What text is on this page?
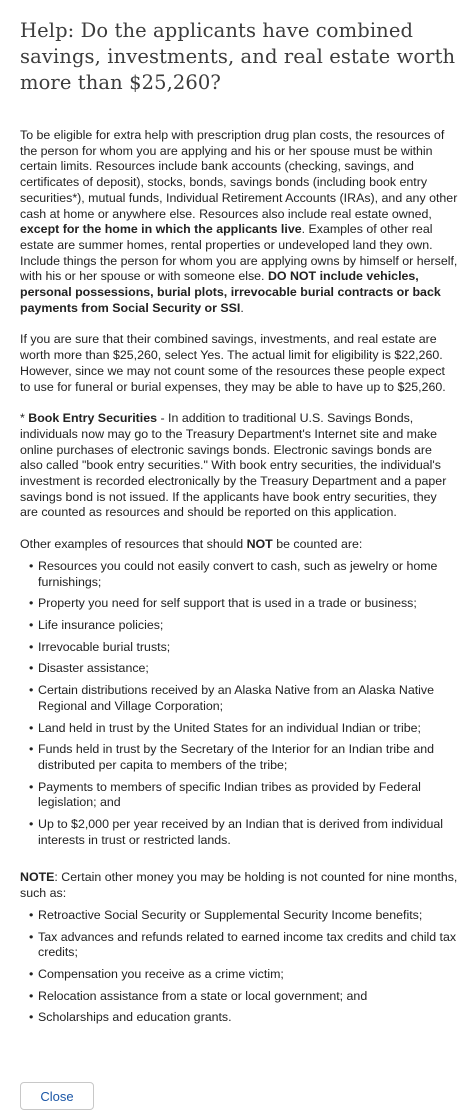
Help: Do the applicants have combined savings, investments, and real estate worth more than $25,260?

To be eligible for extra help with prescription drug plan costs, the resources of the person for whom you are applying and his or her spouse must be within certain limits. Resources include bank accounts (checking, savings, and certificates of deposit), stocks, bonds, savings bonds (including book entry securities*), mutual funds, Individual Retirement Accounts (IRAs), and any other cash at home or anywhere else. Resources also include real estate owned, except for the home in which the applicants live. Examples of other real estate are summer homes, rental properties or undeveloped land they own. Include things the person for whom you are applying owns by himself or herself, with his or her spouse or with someone else. DO NOT include vehicles, personal possessions, burial plots, irrevocable burial contracts or back payments from Social Security or SSI.

If you are sure that their combined savings, investments, and real estate are worth more than $25,260, select Yes. The actual limit for eligibility is $22,260. However, since we may not count some of the resources these people expect to use for funeral or burial expenses, they may be able to have up to $25,260.

* Book Entry Securities - In addition to traditional U.S. Savings Bonds, individuals now may go to the Treasury Department's Internet site and make online purchases of electronic savings bonds. Electronic savings bonds are also called "book entry securities." With book entry securities, the individual's investment is recorded electronically by the Treasury Department and a paper savings bond is not issued. If the applicants have book entry securities, they are counted as resources and should be reported on this application.

Other examples of resources that should NOT be counted are:

• Resources you could not easily convert to cash, such as jewelry or home furnishings;
• Property you need for self support that is used in a trade or business;
• Life insurance policies;
• Irrevocable burial trusts;
• Disaster assistance;
• Certain distributions received by an Alaska Native from an Alaska Native Regional and Village Corporation;
• Land held in trust by the United States for an individual Indian or tribe;
• Funds held in trust by the Secretary of the Interior for an Indian tribe and distributed per capita to members of the tribe;
• Payments to members of specific Indian tribes as provided by Federal legislation; and
• Up to $2,000 per year received by an Indian that is derived from individual interests in trust or restricted lands.

NOTE: Certain other money you may be holding is not counted for nine months, such as:

• Retroactive Social Security or Supplemental Security Income benefits;
• Tax advances and refunds related to earned income tax credits and child tax credits;
• Compensation you receive as a crime victim;
• Relocation assistance from a state or local government; and
• Scholarships and education grants.
Close
